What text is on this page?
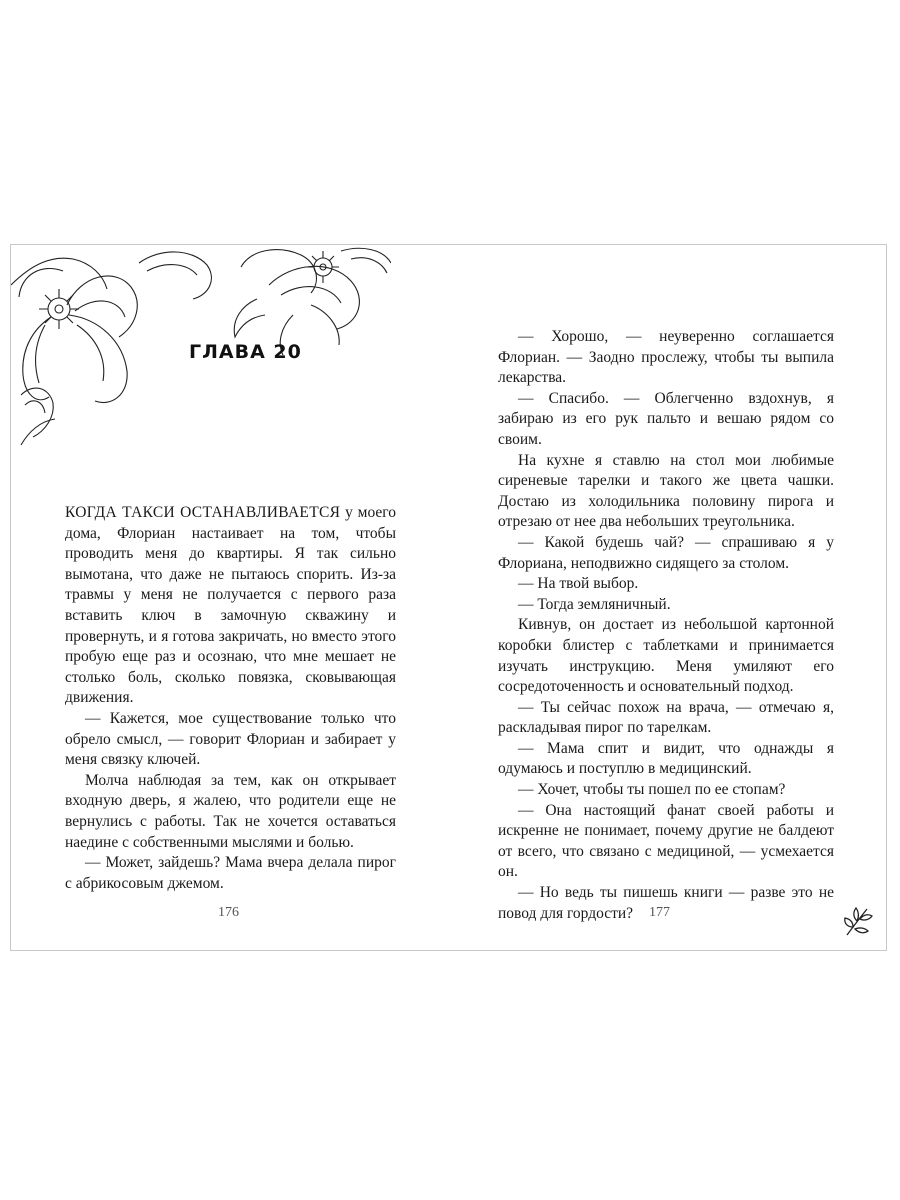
ГЛАВА 20

КОГДА ТАКСИ ОСТАНАВЛИВАЕТСЯ у моего дома, Флориан настаивает на том, чтобы проводить меня до квартиры. Я так сильно вымотана, что даже не пытаюсь спорить. Из-за травмы у меня не получается с первого раза вставить ключ в замочную скважину и провернуть, и я готова закричать, но вместо этого пробую еще раз и осознаю, что мне мешает не столько боль, сколько повязка, сковывающая движения.

— Кажется, мое существование только что обрело смысл, — говорит Флориан и забирает у меня связку ключей.

Молча наблюдая за тем, как он открывает входную дверь, я жалею, что родители еще не вернулись с работы. Так не хочется оставаться наедине с собственными мыслями и болью.

— Может, зайдешь? Мама вчера делала пирог с абрикосовым джемом.

— Хорошо, — неуверенно соглашается Флориан. — Заодно прослежу, чтобы ты выпила лекарства.

— Спасибо. — Облегченно вздохнув, я забираю из его рук пальто и вешаю рядом со своим.

На кухне я ставлю на стол мои любимые сиреневые тарелки и такого же цвета чашки. Достаю из холодильника половину пирога и отрезаю от нее два небольших треугольника.

— Какой будешь чай? — спрашиваю я у Флориана, неподвижно сидящего за столом.

— На твой выбор.

— Тогда земляничный.

Кивнув, он достает из небольшой картонной коробки блистер с таблетками и принимается изучать инструкцию. Меня умиляют его сосредоточенность и основательный подход.

— Ты сейчас похож на врача, — отмечаю я, раскладывая пирог по тарелкам.

— Мама спит и видит, что однажды я одумаюсь и поступлю в медицинский.

— Хочет, чтобы ты пошел по ее стопам?

— Она настоящий фанат своей работы и искренне не понимает, почему другие не балдеют от всего, что связано с медициной, — усмехается он.

— Но ведь ты пишешь книги — разве это не повод для гордости?

176	177
